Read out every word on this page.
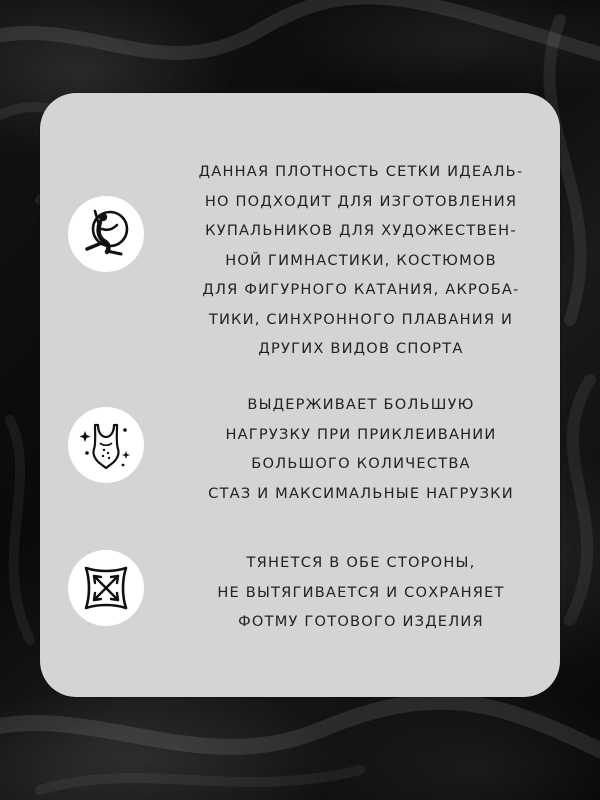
ДАННАЯ ПЛОТНОСТЬ СЕТКИ ИДЕАЛЬ-
НО ПОДХОДИТ ДЛЯ ИЗГОТОВЛЕНИЯ
КУПАЛЬНИКОВ ДЛЯ ХУДОЖЕСТВЕН-
НОЙ ГИМНАСТИКИ, КОСТЮМОВ
ДЛЯ ФИГУРНОГО КАТАНИЯ, АКРОБА-
ТИКИ, СИНХРОННОГО ПЛАВАНИЯ И
ДРУГИХ ВИДОВ СПОРТА
ВЫДЕРЖИВАЕТ БОЛЬШУЮ
НАГРУЗКУ ПРИ ПРИКЛЕИВАНИИ
БОЛЬШОГО КОЛИЧЕСТВА
СТАЗ И МАКСИМАЛЬНЫЕ НАГРУЗКИ
ТЯНЕТСЯ В ОБЕ СТОРОНЫ,
НЕ ВЫТЯГИВАЕТСЯ И СОХРАНЯЕТ
ФОТМУ ГОТОВОГО ИЗДЕЛИЯ
